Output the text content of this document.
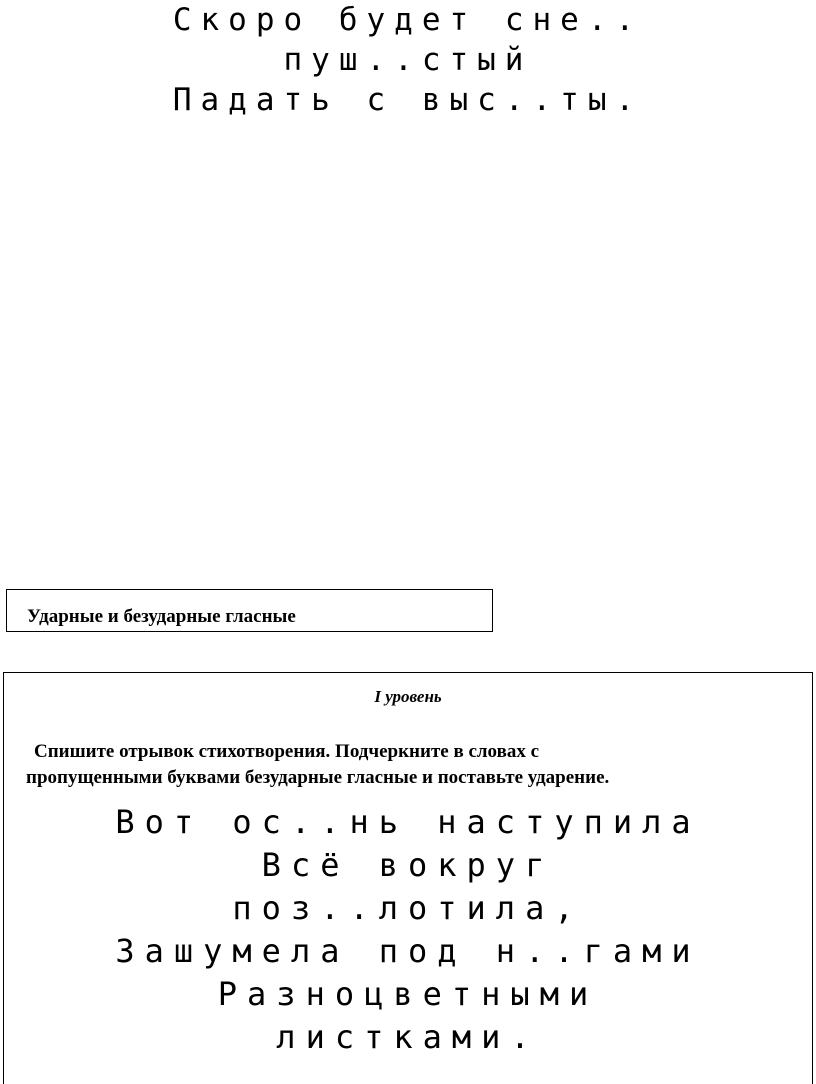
Скоро будет сне..
пуш..стый
Падать с выс..ты.
Ударные и безударные гласные
I уровень
Спишите отрывок стихотворения. Подчеркните в словах с
пропущенными буквами безударные гласные и поставьте ударение.
Вот ос..нь наступила
Всё вокруг
поз..лотила,
Зашумела под н..гами
Разноцветными
листками.
